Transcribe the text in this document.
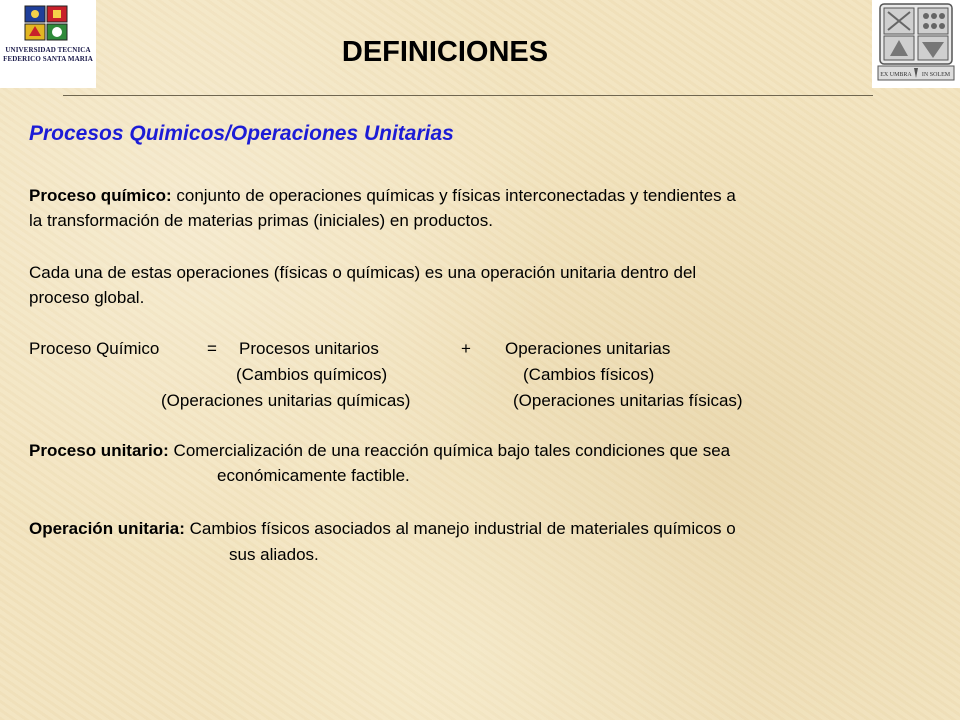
UNIVERSIDAD TECNICA
FEDERICO SANTA MARIA
EX UMBRA IN SOLEM
DEFINICIONES
Procesos Quimicos/Operaciones Unitarias
Proceso químico: conjunto de operaciones químicas y físicas interconectadas y tendientes a
la transformación de materias primas (iniciales) en productos.
Cada una de estas operaciones (físicas o químicas) es una operación unitaria dentro del
proceso global.
Proceso Químico	= Procesos unitarios	+ Operaciones unitarias
(Cambios químicos)	(Cambios físicos)
(Operaciones unitarias químicas)	(Operaciones unitarias físicas)
Proceso unitario: Comercialización de una reacción química bajo tales condiciones que sea
económicamente factible.
Operación unitaria: Cambios físicos asociados al manejo industrial de materiales químicos o
sus aliados.
